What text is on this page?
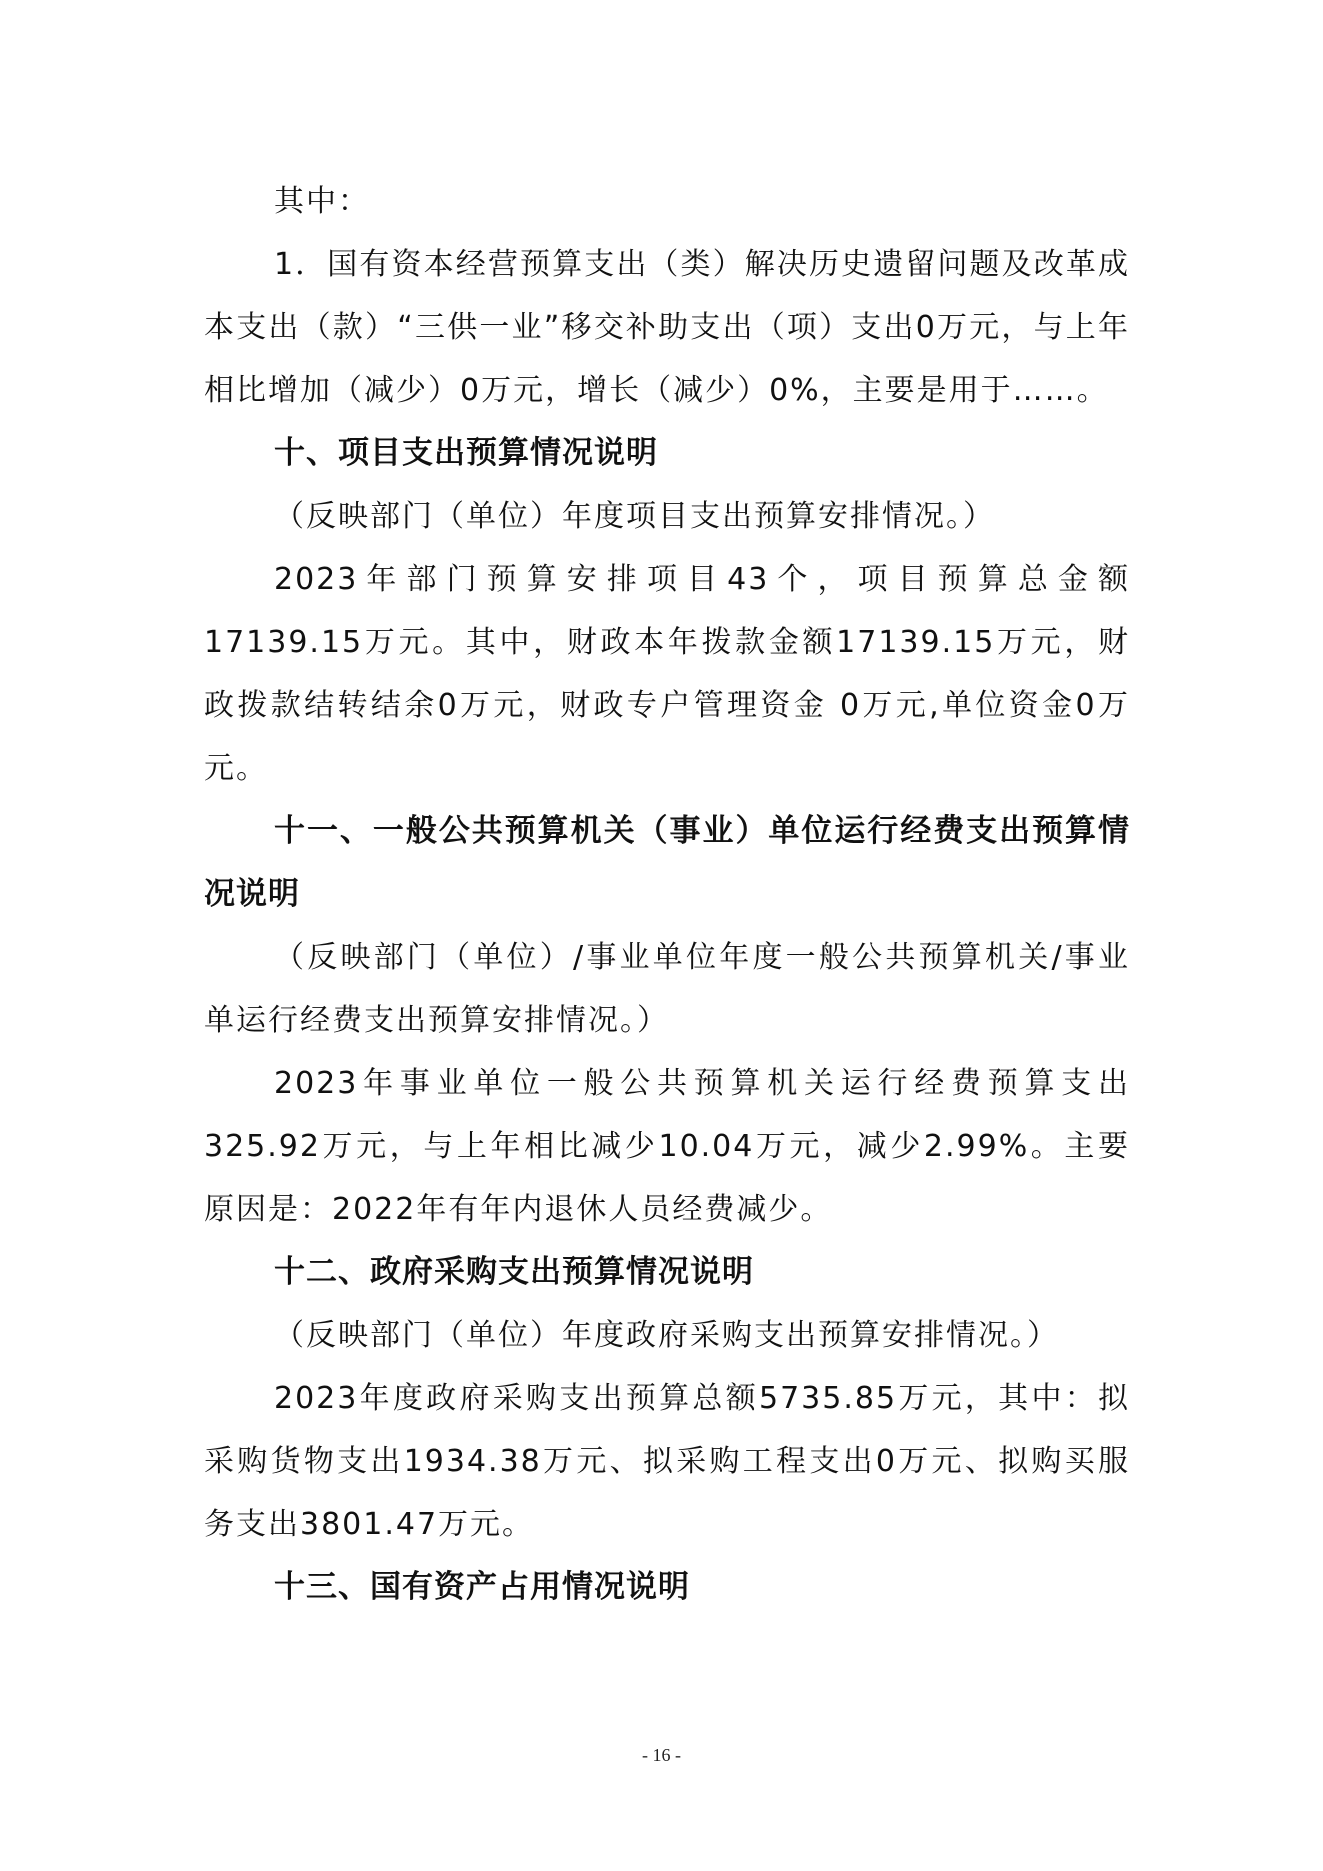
其中：

1．国有资本经营预算支出（类）解决历史遗留问题及改革成本支出（款）“三供一业”移交补助支出（项）支出0万元，与上年相比增加（减少）0万元，增长（减少）0%，主要是用于……。

十、项目支出预算情况说明

（反映部门（单位）年度项目支出预算安排情况。）

2023年部门预算安排项目43个，项目预算总金额17139.15万元。其中，财政本年拨款金额17139.15万元，财政拨款结转结余0万元，财政专户管理资金 0万元,单位资金0万元。

十一、一般公共预算机关（事业）单位运行经费支出预算情况说明

（反映部门（单位）/事业单位年度一般公共预算机关/事业单运行经费支出预算安排情况。）

2023年事业单位一般公共预算机关运行经费预算支出325.92万元，与上年相比减少10.04万元，减少2.99%。主要原因是：2022年有年内退休人员经费减少。

十二、政府采购支出预算情况说明

（反映部门（单位）年度政府采购支出预算安排情况。）

2023年度政府采购支出预算总额5735.85万元，其中：拟采购货物支出1934.38万元、拟采购工程支出0万元、拟购买服务支出3801.47万元。

十三、国有资产占用情况说明

- 16 -
